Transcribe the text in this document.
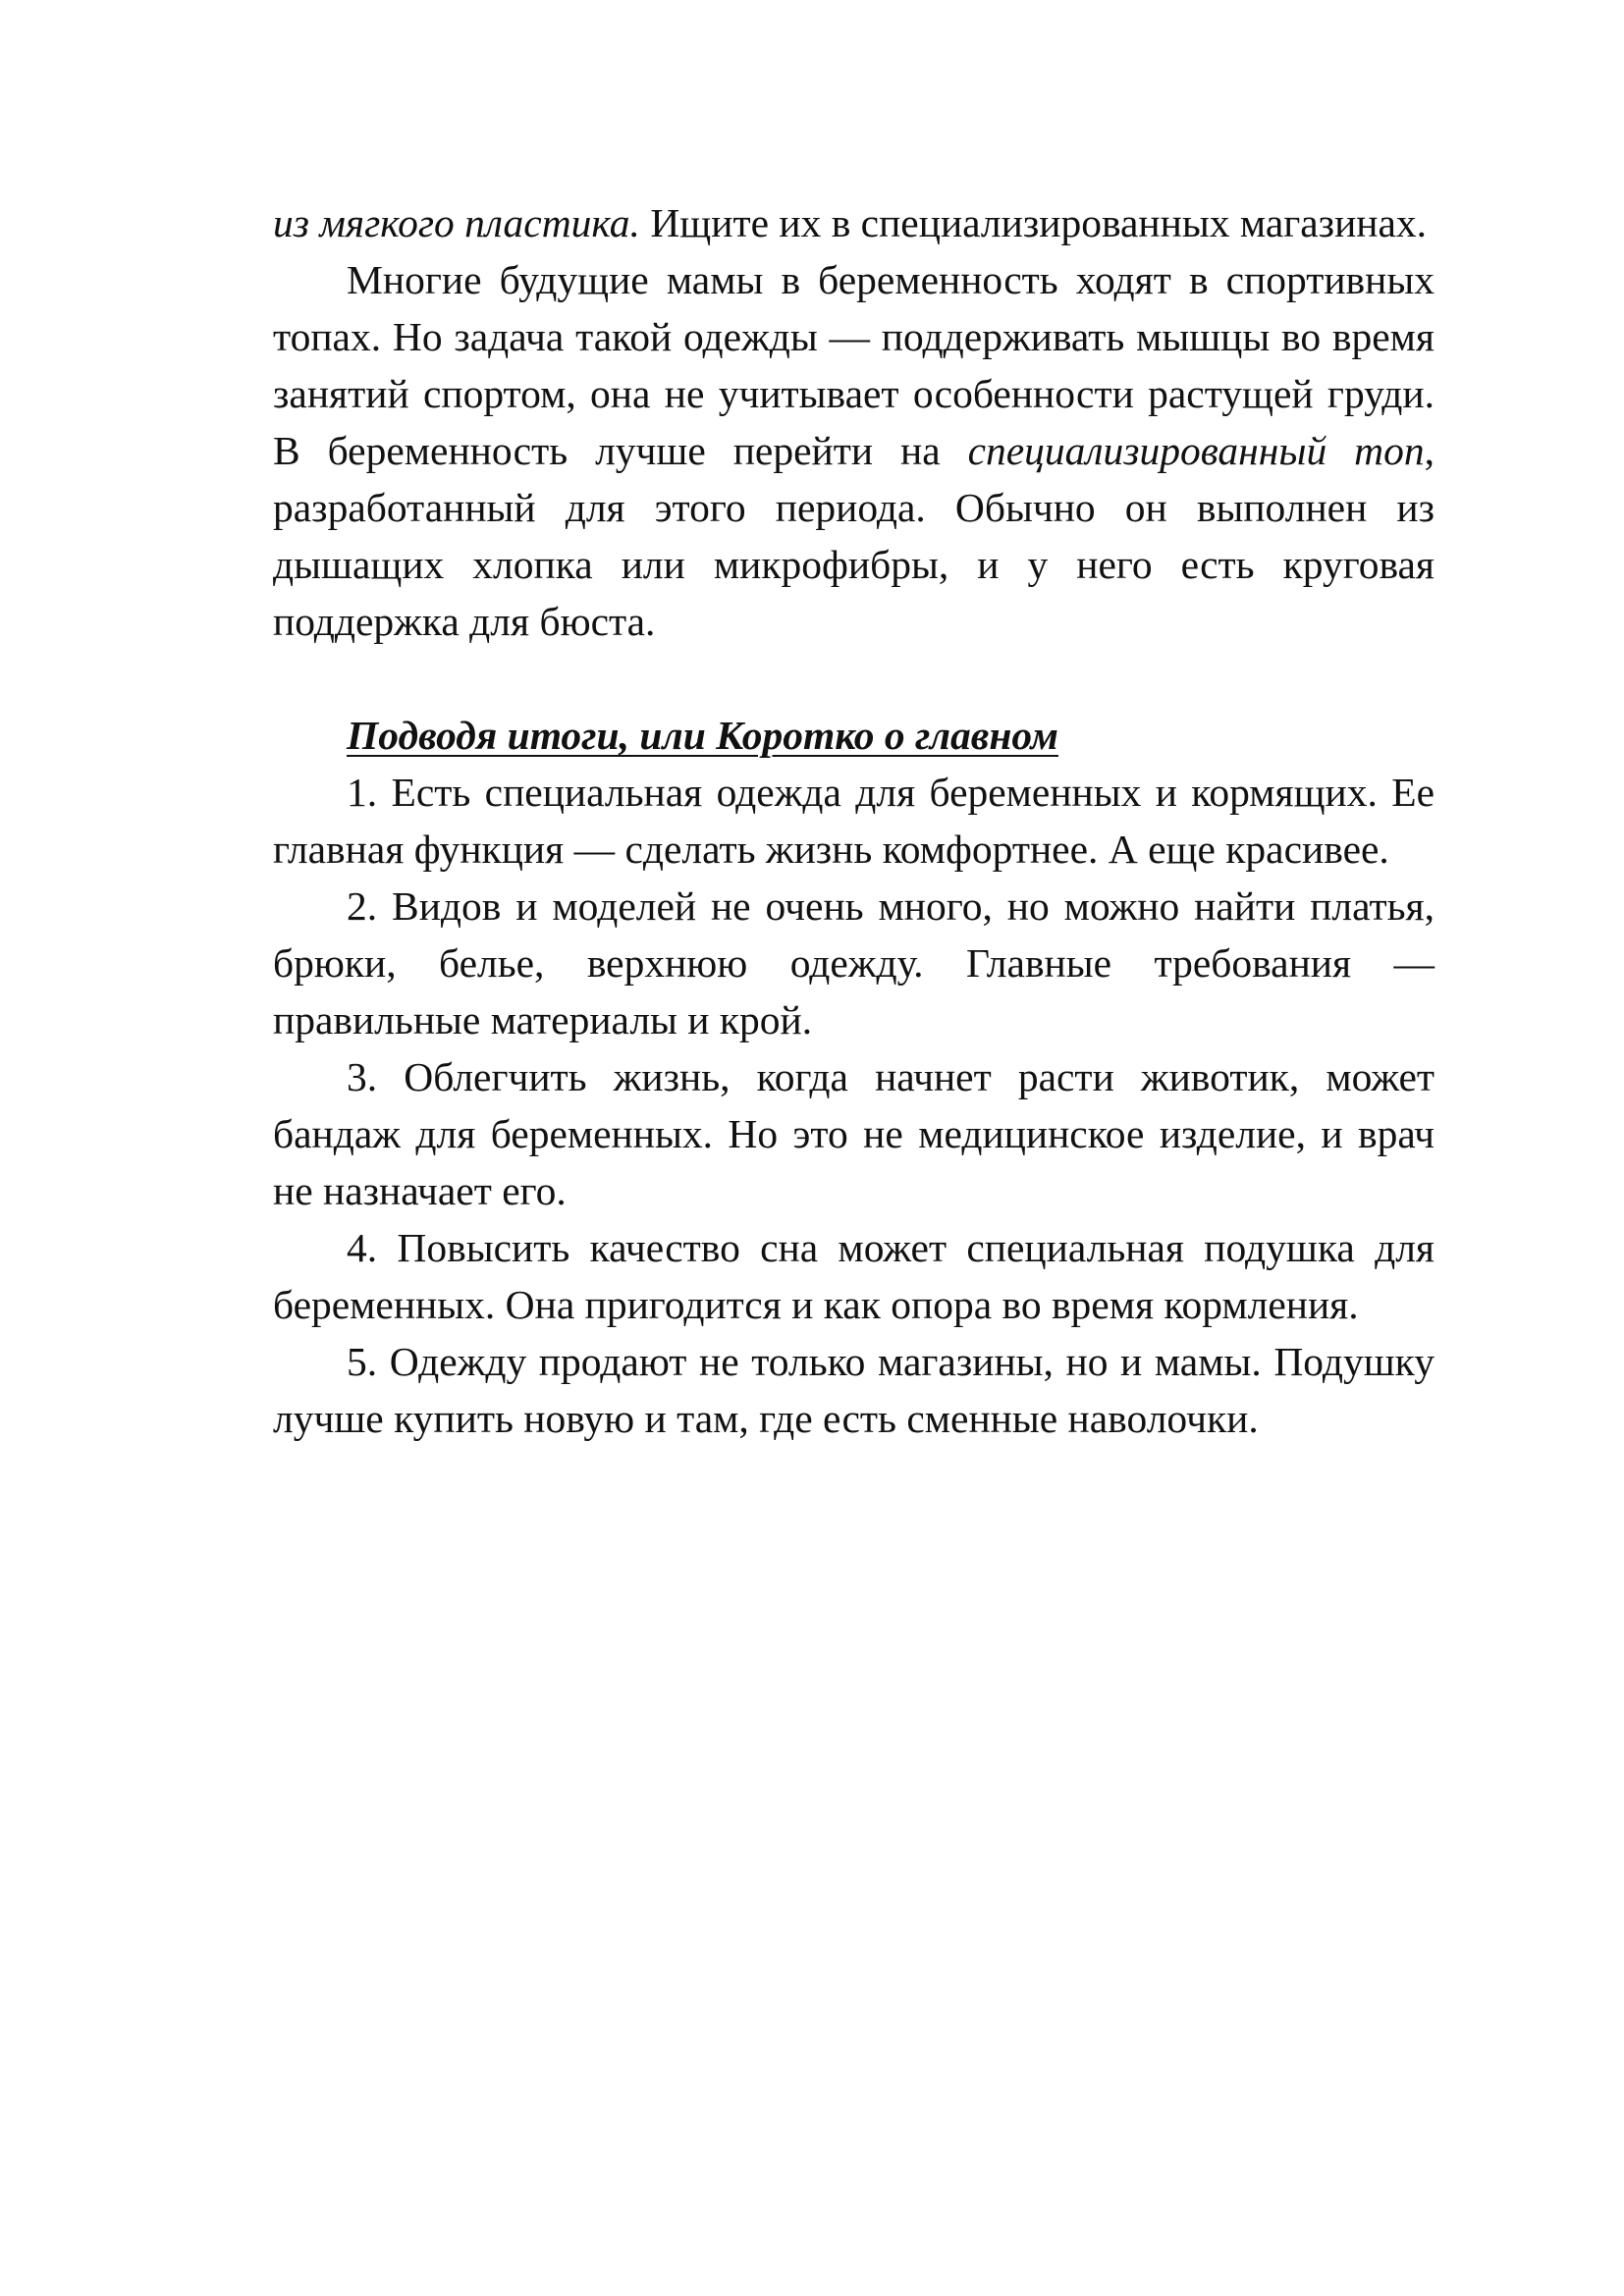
из мягкого пластика. Ищите их в специализированных магазинах.

Многие будущие мамы в беременность ходят в спортивных топах. Но задача такой одежды — поддерживать мышцы во время занятий спортом, она не учитывает особенности растущей груди. В беременность лучше перейти на специализированный топ, разработанный для этого периода. Обычно он выполнен из дышащих хлопка или микрофибры, и у него есть круговая поддержка для бюста.

Подводя итоги, или Коротко о главном

1. Есть специальная одежда для беременных и кормящих. Ее главная функция — сделать жизнь комфортнее. А еще красивее.

2. Видов и моделей не очень много, но можно найти платья, брюки, белье, верхнюю одежду. Главные требования — правильные материалы и крой.

3. Облегчить жизнь, когда начнет расти животик, может бандаж для беременных. Но это не медицинское изделие, и врач не назначает его.

4. Повысить качество сна может специальная подушка для беременных. Она пригодится и как опора во время кормления.

5. Одежду продают не только магазины, но и мамы. Подушку лучше купить новую и там, где есть сменные наволочки.
